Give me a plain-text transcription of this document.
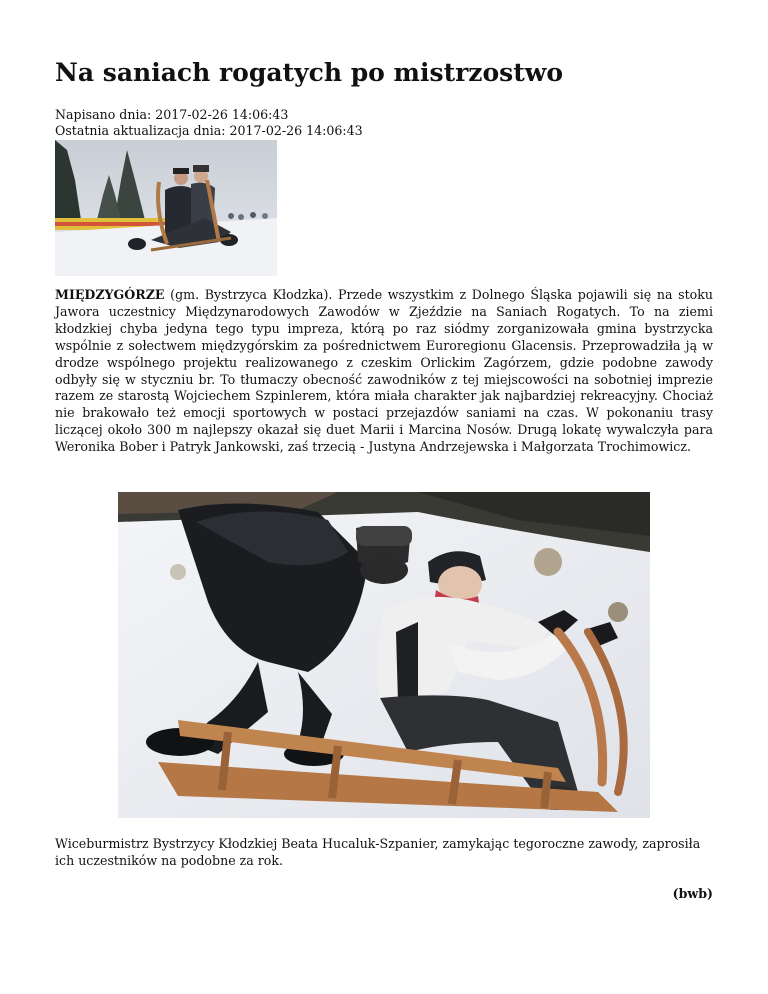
Na saniach rogatych po mistrzostwo
Napisano dnia: 2017-02-26 14:06:43
Ostatnia aktualizacja dnia: 2017-02-26 14:06:43

MIĘDZYGÓRZE (gm. Bystrzyca Kłodzka). Przede wszystkim z Dolnego Śląska pojawili się na stoku Jawora uczestnicy Międzynarodowych Zawodów w Zjeździe na Saniach Rogatych. To na ziemi kłodzkiej chyba jedyna tego typu impreza, którą po raz siódmy zorganizowała gmina bystrzycka wspólnie z sołectwem międzygórskim za pośrednictwem Euroregionu Glacensis. Przeprowadziła ją w drodze wspólnego projektu realizowanego z czeskim Orlickim Zagórzem, gdzie podobne zawody odbyły się w styczniu br. To tłumaczy obecność zawodników z tej miejscowości na sobotniej imprezie razem ze starostą Wojciechem Szpinlerem, która miała charakter jak najbardziej rekreacyjny. Chociaż nie brakowało też emocji sportowych w postaci przejazdów saniami na czas. W pokonaniu trasy liczącej około 300 m najlepszy okazał się duet Marii i Marcina Nosów. Drugą lokatę wywalczyła para Weronika Bober i Patryk Jankowski, zaś trzecią - Justyna Andrzejewska i Małgorzata Trochimowicz.

Wiceburmistrz Bystrzycy Kłodzkiej Beata Hucaluk-Szpanier, zamykając tegoroczne zawody, zaprosiła ich uczestników na podobne za rok.

(bwb)
